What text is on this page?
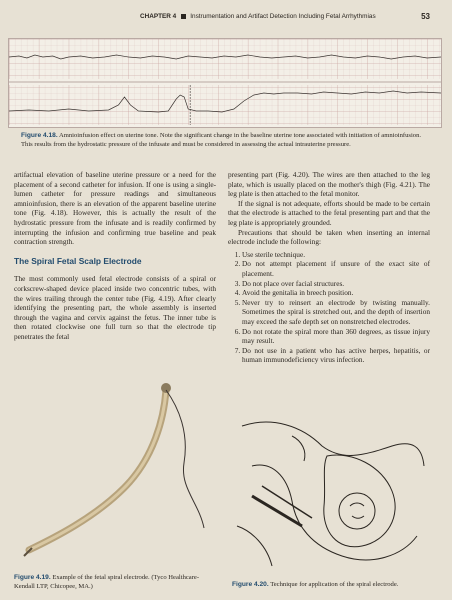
CHAPTER 4 Instrumentation and Artifact Detection Including Fetal Arrhythmias	53
Figure 4.18. Amnioinfusion effect on uterine tone. Note the significant change in the baseline uterine tone associated with initiation of amnioinfusion. This results from the hydrostatic pressure of the infusate and must be considered in assessing the actual intrauterine pressure.

artifactual elevation of baseline uterine pressure or a need for the placement of a second catheter for infusion. If one is using a single-lumen catheter for pressure readings and simultaneous amnioinfusion, there is an elevation of the apparent baseline uterine tone (Fig. 4.18). However, this is actually the result of the hydrostatic pressure from the infusate and is readily confirmed by interrupting the infusion and confirming true baseline and peak contraction strength.

The Spiral Fetal Scalp Electrode

The most commonly used fetal electrode consists of a spiral or corkscrew-shaped device placed inside two concentric tubes, with the wires trailing through the center tube (Fig. 4.19). After clearly identifying the presenting part, the whole assembly is inserted through the vagina and cervix against the fetus. The inner tube is then rotated clockwise one full turn so that the electrode tip penetrates the fetal

presenting part (Fig. 4.20). The wires are then attached to the leg plate, which is usually placed on the mother's thigh (Fig. 4.21). The leg plate is then attached to the fetal monitor.

If the signal is not adequate, efforts should be made to be certain that the electrode is attached to the fetal presenting part and that the leg plate is appropriately grounded.

Precautions that should be taken when inserting an internal electrode include the following:

1. Use sterile technique.
2. Do not attempt placement if unsure of the exact site of placement.
3. Do not place over facial structures.
4. Avoid the genitalia in breech position.
5. Never try to reinsert an electrode by twisting manually. Sometimes the spiral is stretched out, and the depth of insertion may exceed the safe depth set on nonstretched electrodes.
6. Do not rotate the spiral more than 360 degrees, as tissue injury may result.
7. Do not use in a patient who has active herpes, hepatitis, or human immunodeficiency virus infection.
Figure 4.19. Example of the fetal spiral electrode. (Tyco Healthcare-Kendall LTP, Chicopee, MA.)	Figure 4.20. Technique for application of the spiral electrode.
